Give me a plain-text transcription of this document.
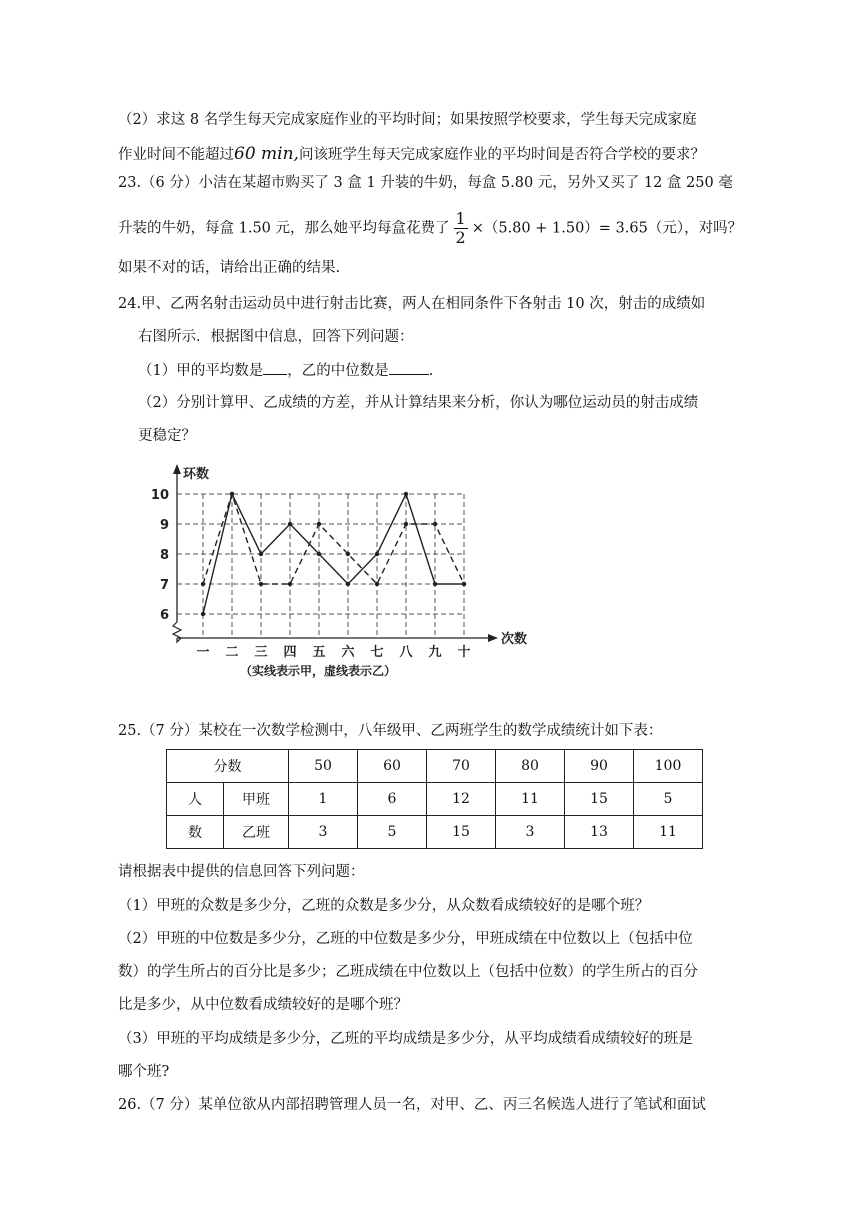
（2）求这 8 名学生每天完成家庭作业的平均时间；如果按照学校要求，学生每天完成家庭
作业时间不能超过60 min,问该班学生每天完成家庭作业的平均时间是否符合学校的要求？
23.（6 分）小洁在某超市购买了 3 盒 1 升装的牛奶，每盒 5.80 元，另外又买了 12 盒 250 毫
升装的牛奶，每盒 1.50 元，那么她平均每盒花费了 $\frac{1}{2} \times(5.80 + 1.50)= 3.65$（元），对吗？
如果不对的话，请给出正确的结果.
24.甲、乙两名射击运动员中进行射击比赛，两人在相同条件下各射击 10 次，射击的成绩如
右图所示．根据图中信息，回答下列问题：
（1）甲的平均数是 ，乙的中位数是	.
（2）分别计算甲、乙成绩的方差，并从计算结果来分析，你认为哪位运动员的射击成绩
更稳定？
环数
次数
6
7
8
9
10
一 二 三 四 五 六 七 八 九 十
（实线表示甲，虚线表示乙）
25.（7 分）某校在一次数学检测中，八年级甲、乙两班学生的数学成绩统计如下表：
分数		50	60	70	80	90	100
人	甲班	1	6	12	11	15	5
数	乙班	3	5	15	3	13	11
请根据表中提供的信息回答下列问题：
（1）甲班的众数是多少分，乙班的众数是多少分，从众数看成绩较好的是哪个班？
（2）甲班的中位数是多少分，乙班的中位数是多少分，甲班成绩在中位数以上（包括中位
数）的学生所占的百分比是多少；乙班成绩在中位数以上（包括中位数）的学生所占的百分
比是多少，从中位数看成绩较好的是哪个班？
（3）甲班的平均成绩是多少分，乙班的平均成绩是多少分，从平均成绩看成绩较好的班是
哪个班?
26.（7 分）某单位欲从内部招聘管理人员一名，对甲、乙、丙三名候选人进行了笔试和面试
